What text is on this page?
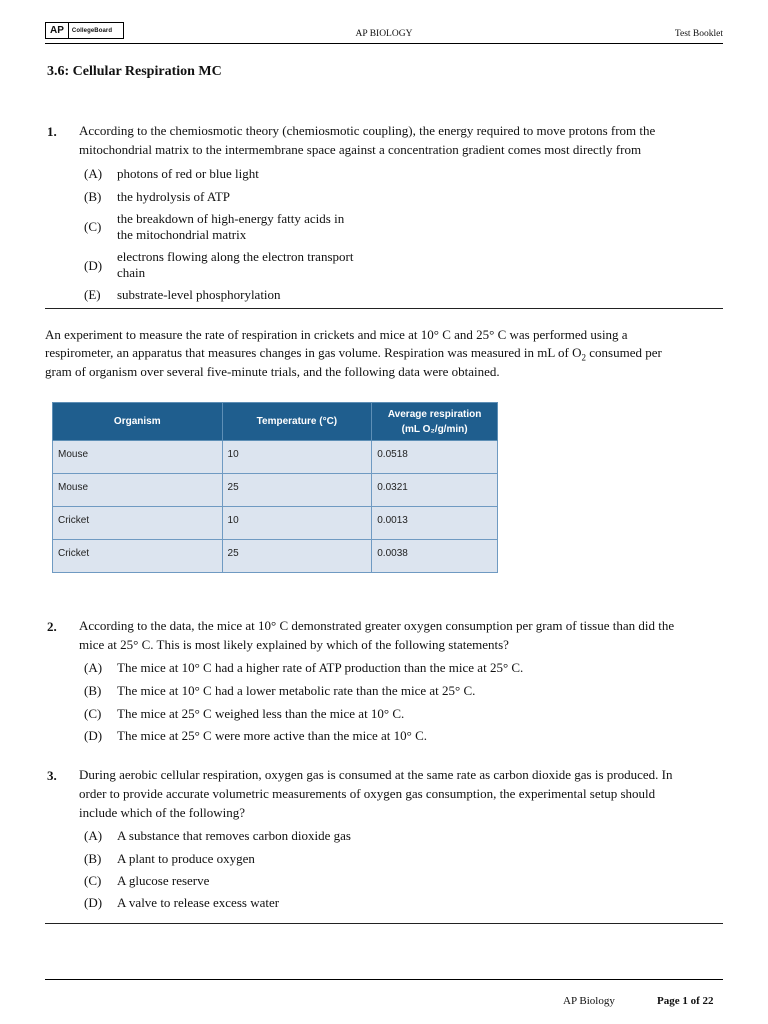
AP	CollegeBoard	AP BIOLOGY	Test Booklet
3.6: Cellular Respiration MC
1. According to the chemiosmotic theory (chemiosmotic coupling), the energy required to move protons from the
mitochondrial matrix to the intermembrane space against a concentration gradient comes most directly from
(A) photons of red or blue light
(B) the hydrolysis of ATP
(C)
the breakdown of high-energy fatty acids in
the mitochondrial matrix
(D)
electrons flowing along the electron transport
chain
(E) substrate-level phosphorylation
An experiment to measure the rate of respiration in crickets and mice at 10° C and 25° C was performed using a
respirometer, an apparatus that measures changes in gas volume. Respiration was measured in mL of $O_2$ consumed per
gram of organism over several five-minute trials, and the following data were obtained.
Organism	Temperature (°C)	Average respiration
(mL O₂/g/min)

Mouse	10	0.0518
Mouse	25	0.0321
Cricket	10	0.0013
Cricket	25	0.0038
2. According to the data, the mice at 10° C demonstrated greater oxygen consumption per gram of tissue than did the
mice at 25° C. This is most likely explained by which of the following statements?
(A) The mice at 10° C had a higher rate of ATP production than the mice at 25° C.
(B) The mice at 10° C had a lower metabolic rate than the mice at 25° C.
(C) The mice at 25° C weighed less than the mice at 10° C.
(D) The mice at 25° C were more active than the mice at 10° C.
3. During aerobic cellular respiration, oxygen gas is consumed at the same rate as carbon dioxide gas is produced. In
order to provide accurate volumetric measurements of oxygen gas consumption, the experimental setup should
include which of the following?
(A) A substance that removes carbon dioxide gas
(B) A plant to produce oxygen
(C) A glucose reserve
(D) A valve to release excess water
AP Biology	Page 1 of 22
